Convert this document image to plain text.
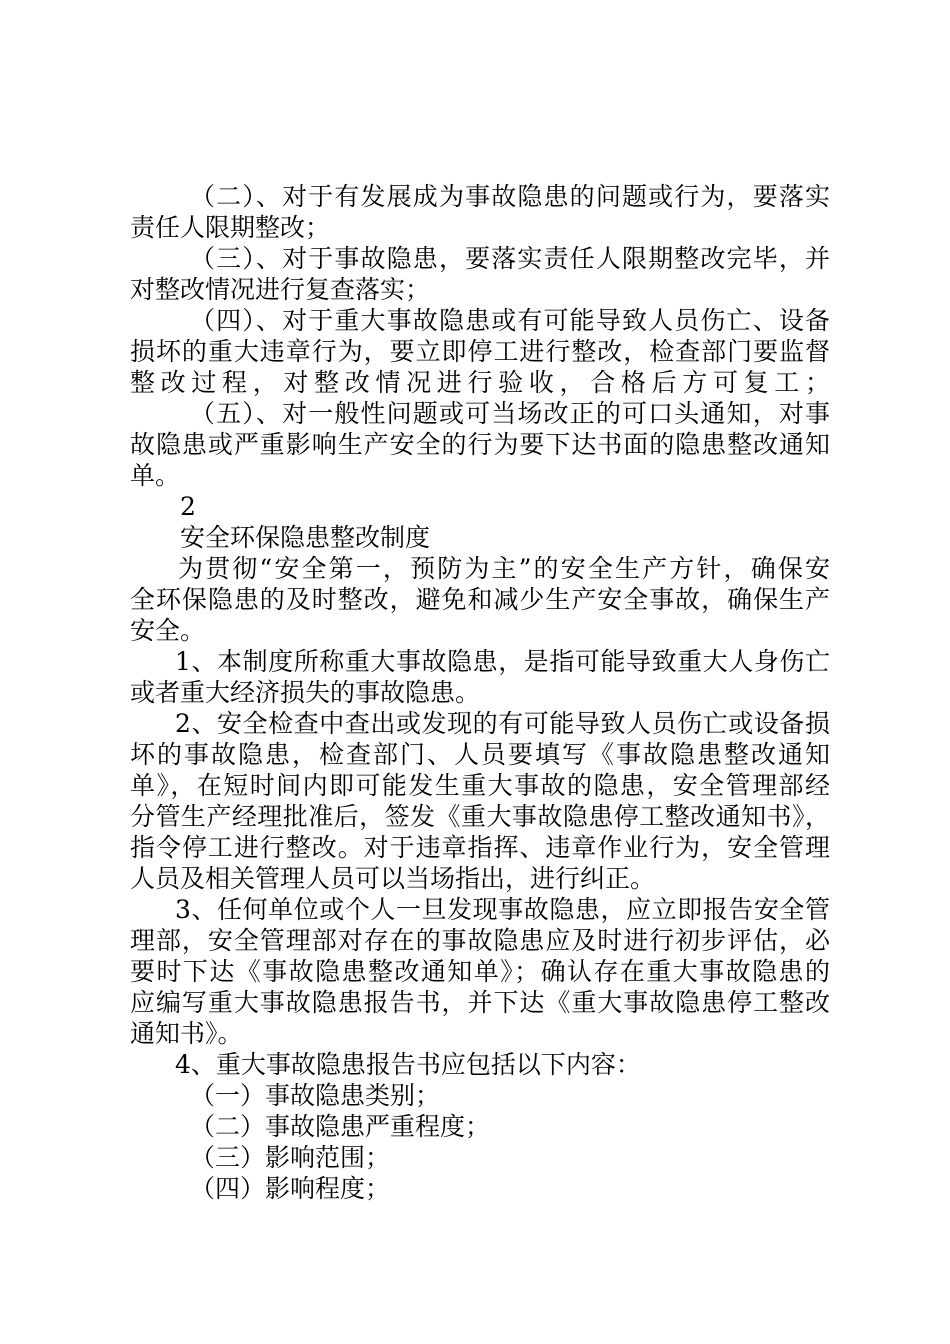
（二）、对于有发展成为事故隐患的问题或行为，要落实
责任人限期整改；
（三）、对于事故隐患，要落实责任人限期整改完毕，并
对整改情况进行复查落实；
（四）、对于重大事故隐患或有可能导致人员伤亡、设备
损坏的重大违章行为，要立即停工进行整改，检查部门要监督
整改过程，对整改情况进行验收，合格后方可复工；
（五）、对一般性问题或可当场改正的可口头通知，对事
故隐患或严重影响生产安全的行为要下达书面的隐患整改通知
单。
2
安全环保隐患整改制度
为贯彻“安全第一，预防为主”的安全生产方针，确保安
全环保隐患的及时整改，避免和减少生产安全事故，确保生产
安全。
1、本制度所称重大事故隐患，是指可能导致重大人身伤亡
或者重大经济损失的事故隐患。
2、安全检查中查出或发现的有可能导致人员伤亡或设备损
坏的事故隐患，检查部门、人员要填写《事故隐患整改通知
单》，在短时间内即可能发生重大事故的隐患，安全管理部经
分管生产经理批准后，签发《重大事故隐患停工整改通知书》，
指令停工进行整改。对于违章指挥、违章作业行为，安全管理
人员及相关管理人员可以当场指出，进行纠正。
3、任何单位或个人一旦发现事故隐患，应立即报告安全管
理部，安全管理部对存在的事故隐患应及时进行初步评估，必
要时下达《事故隐患整改通知单》；确认存在重大事故隐患的
应编写重大事故隐患报告书，并下达《重大事故隐患停工整改
通知书》。
4、重大事故隐患报告书应包括以下内容：
（一）事故隐患类别；
（二）事故隐患严重程度；
（三）影响范围；
（四）影响程度；
